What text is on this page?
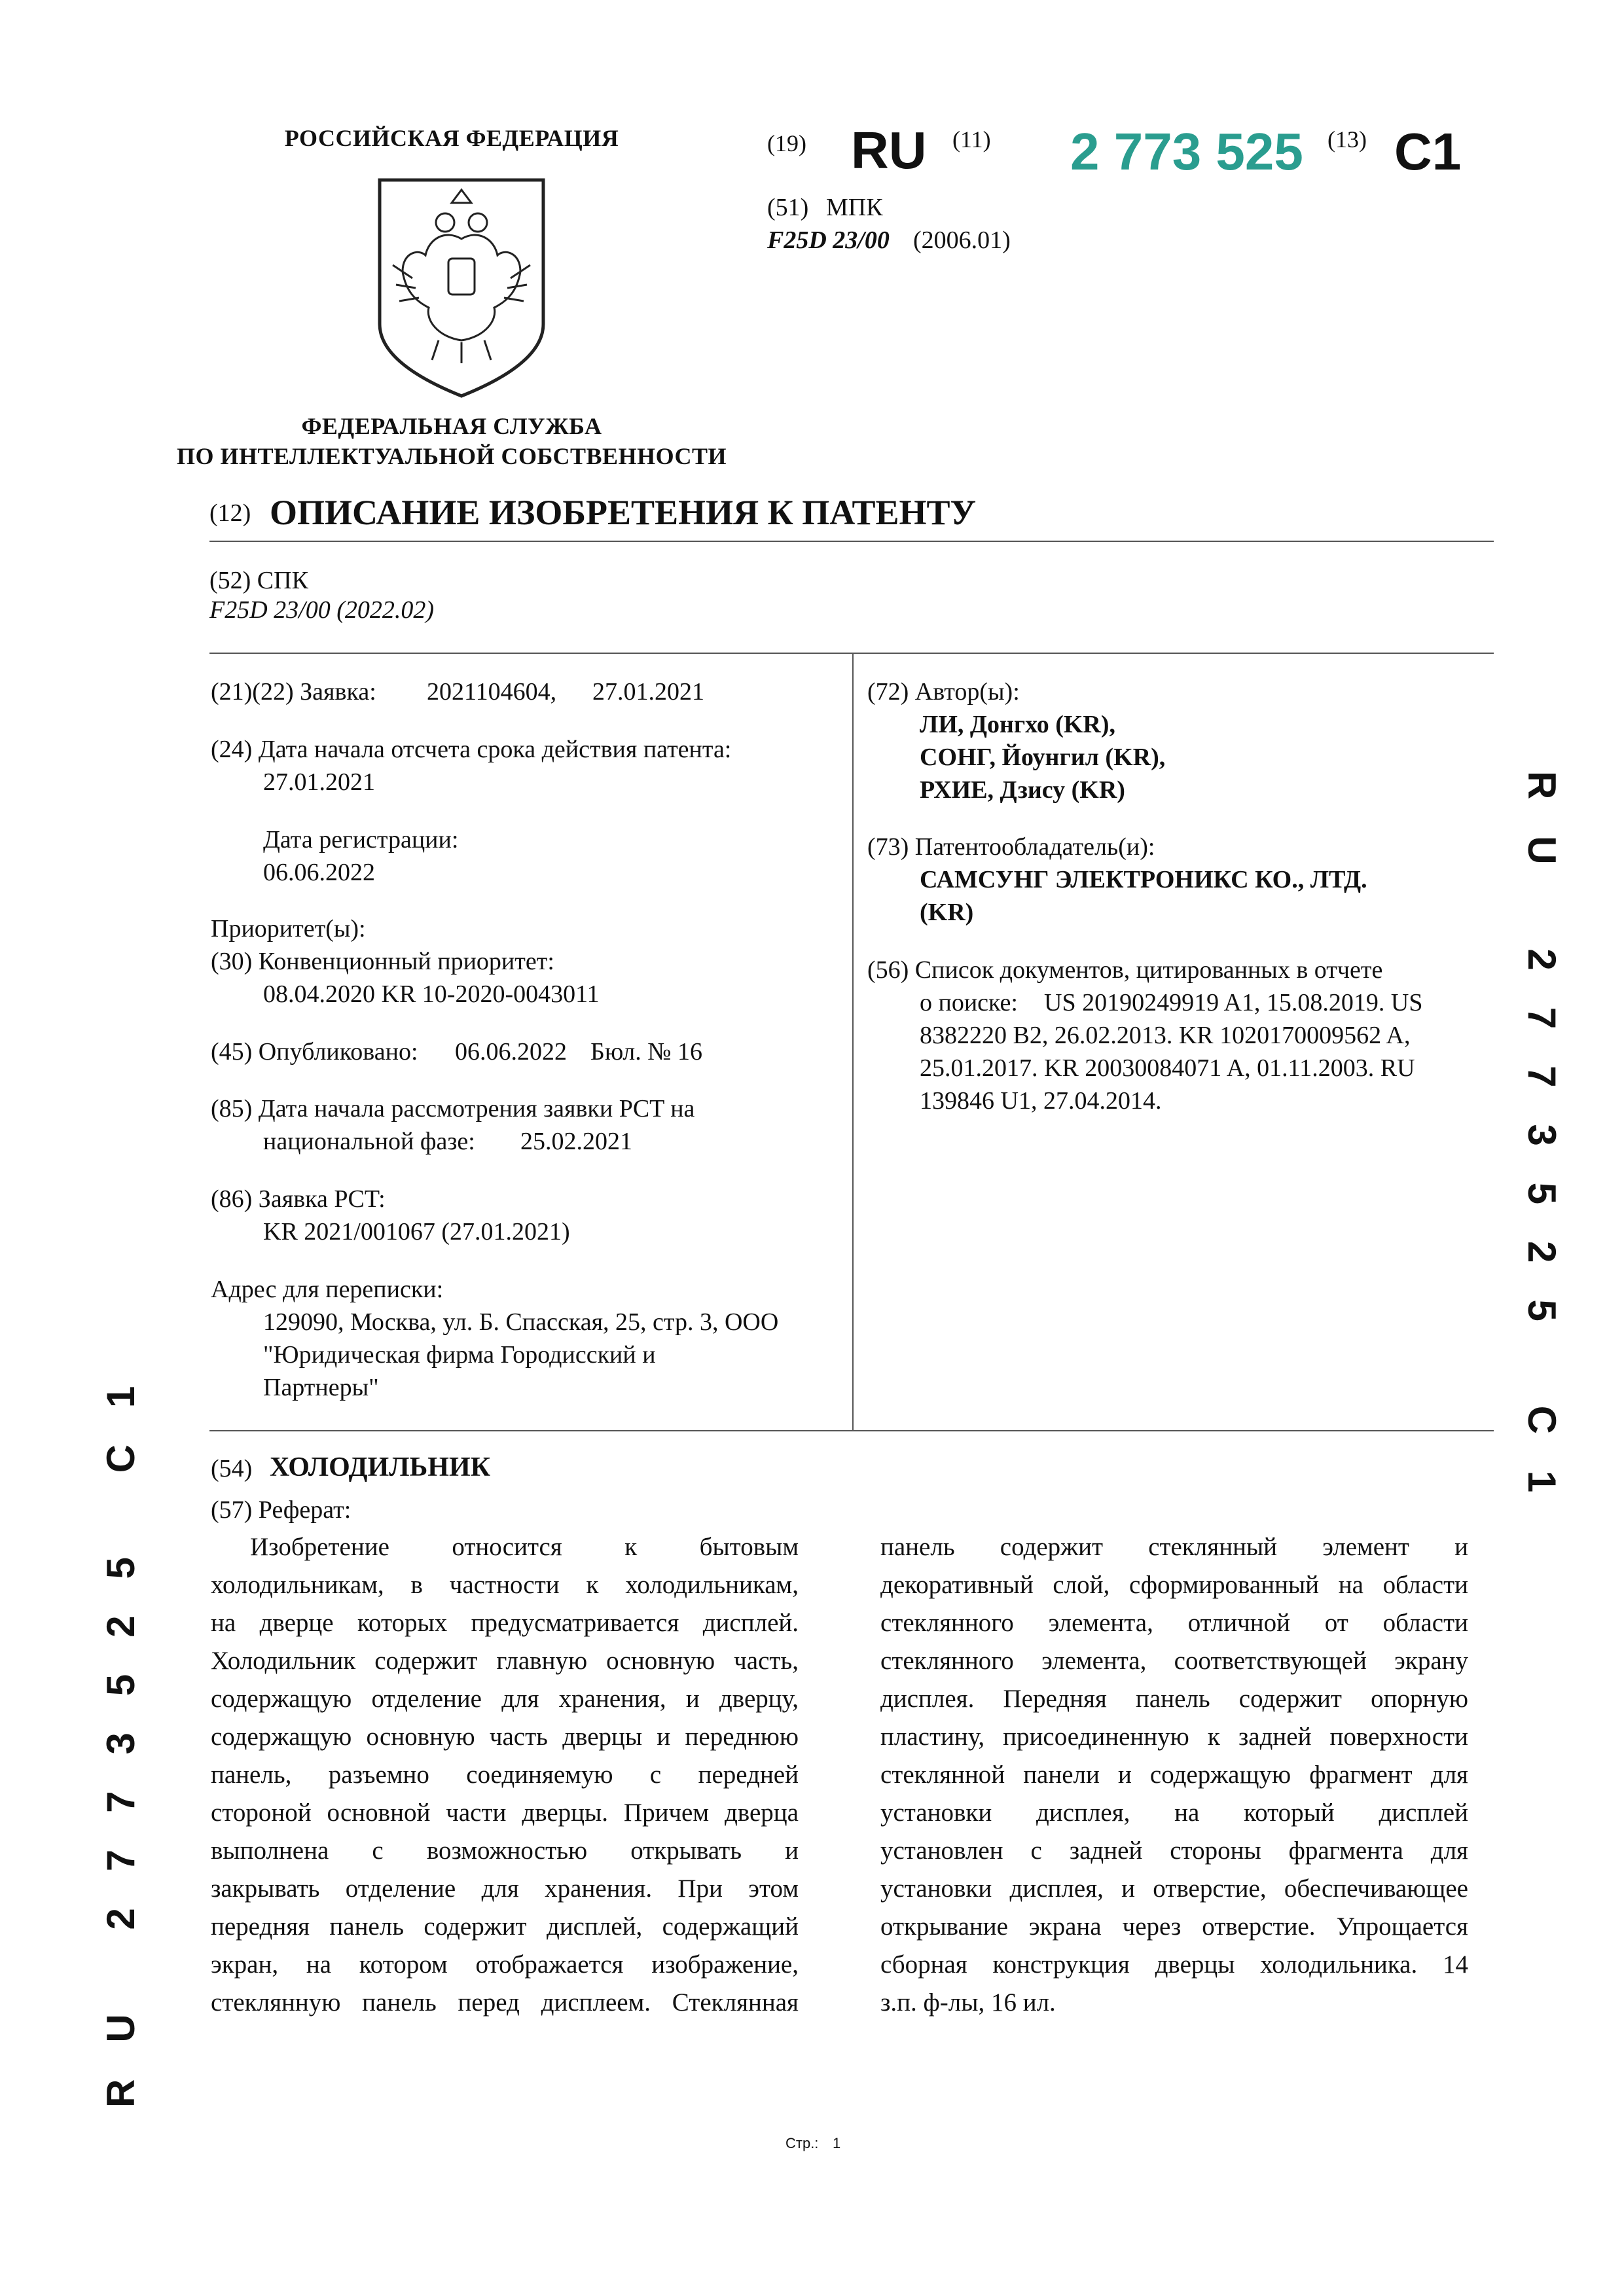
РОССИЙСКАЯ ФЕДЕРАЦИЯ
ФЕДЕРАЛЬНАЯ СЛУЖБА
ПО ИНТЕЛЛЕКТУАЛЬНОЙ СОБСТВЕННОСТИ
(19) RU (11) 2 773 525 (13) C1
(51) МПК
F25D 23/00 (2006.01)
(12) ОПИСАНИЕ ИЗОБРЕТЕНИЯ К ПАТЕНТУ
(52) СПК
F25D 23/00 (2022.02)
(21)(22) Заявка: 2021104604, 27.01.2021
(24) Дата начала отсчета срока действия патента:
27.01.2021
Дата регистрации:
06.06.2022
Приоритет(ы):
(30) Конвенционный приоритет:
08.04.2020 KR 10-2020-0043011
(45) Опубликовано: 06.06.2022 Бюл. № 16
(85) Дата начала рассмотрения заявки PCT на
национальной фазе: 25.02.2021
(86) Заявка PCT:
KR 2021/001067 (27.01.2021)
Адрес для переписки:
129090, Москва, ул. Б. Спасская, 25, стр. 3, ООО
"Юридическая фирма Городисский и
Партнеры"
(72) Автор(ы):
ЛИ, Донгхо (KR),
СОНГ, Йоунгил (KR),
РХИЕ, Дзису (KR)
(73) Патентообладатель(и):
САМСУНГ ЭЛЕКТРОНИКС КО., ЛТД.
(KR)
(56) Список документов, цитированных в отчете
о поиске: US 20190249919 A1, 15.08.2019. US
8382220 B2, 26.02.2013. KR 1020170009562 A,
25.01.2017. KR 20030084071 A, 01.11.2003. RU
139846 U1, 27.04.2014.
(54) ХОЛОДИЛЬНИК
(57) Реферат:
Изобретение относится к бытовым
холодильникам, в частности к холодильникам,
на дверце которых предусматривается дисплей.
Холодильник содержит главную основную часть,
содержащую отделение для хранения, и дверцу,
содержащую основную часть дверцы и переднюю
панель, разъемно соединяемую с передней
стороной основной части дверцы. Причем дверца
выполнена с возможностью открывать и
закрывать отделение для хранения. При этом
передняя панель содержит дисплей, содержащий
экран, на котором отображается изображение,
стеклянную панель перед дисплеем. Стеклянная
панель содержит стеклянный элемент и
декоративный слой, сформированный на области
стеклянного элемента, отличной от области
стеклянного элемента, соответствующей экрану
дисплея. Передняя панель содержит опорную
пластину, присоединенную к задней поверхности
стеклянной панели и содержащую фрагмент для
установки дисплея, на который дисплей
установлен с задней стороны фрагмента для
установки дисплея, и отверстие, обеспечивающее
открывание экрана через отверстие. Упрощается
сборная конструкция дверцы холодильника. 14
з.п. ф-лы, 16 ил.
RU 2773525 C1
RU 2773525 C1
Стр.: 1
